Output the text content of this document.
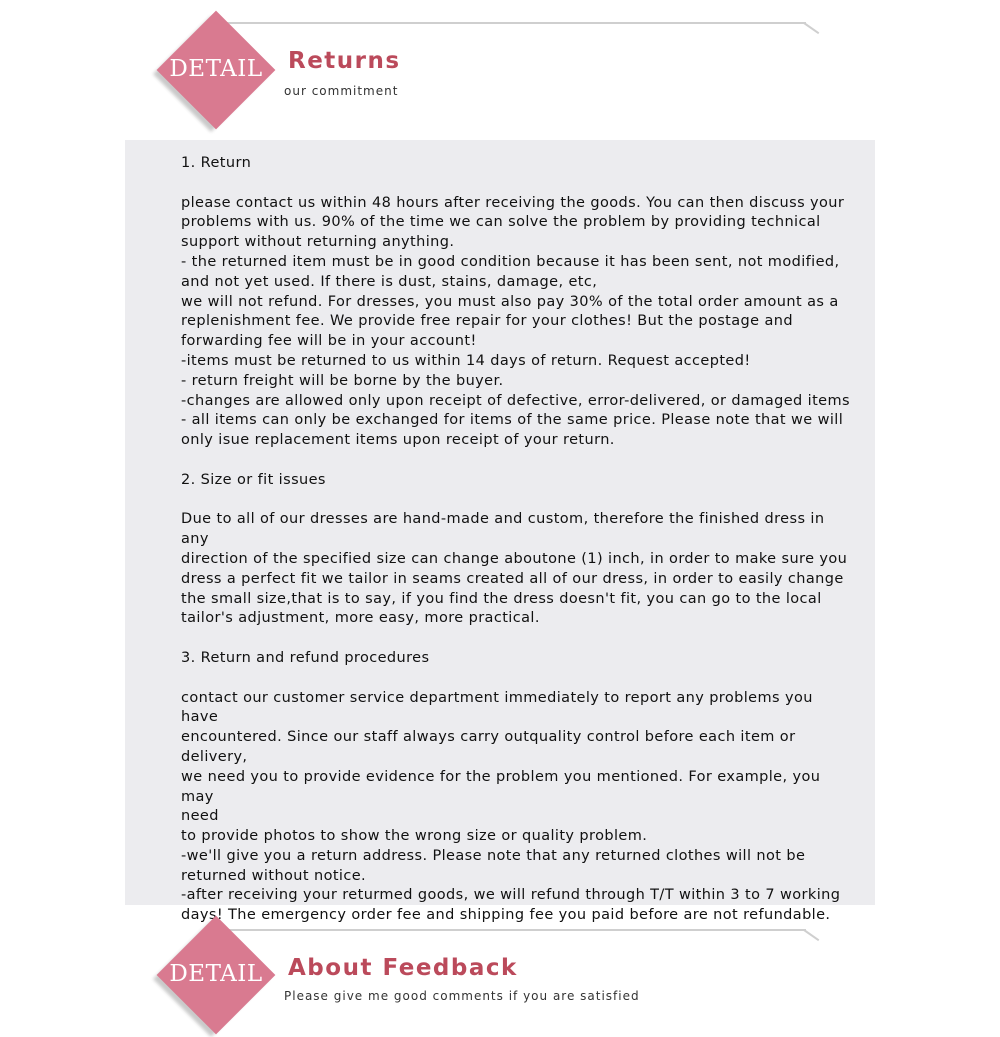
DETAIL	Returns
our commitment

1. Return

please contact us within 48 hours after receiving the goods. You can then discuss your
problems with us. 90% of the time we can solve the problem by providing technical
support without returning anything.
- the returned item must be in good condition because it has been sent, not modified,
and not yet used. If there is dust, stains, damage, etc,
we will not refund. For dresses, you must also pay 30% of the total order amount as a
replenishment fee. We provide free repair for your clothes! But the postage and
forwarding fee will be in your account!
-items must be returned to us within 14 days of return. Request accepted!
- return freight will be borne by the buyer.
-changes are allowed only upon receipt of defective, error-delivered, or damaged items
- all items can only be exchanged for items of the same price. Please note that we will
only isue replacement items upon receipt of your return.

2. Size or fit issues

Due to all of our dresses are hand-made and custom, therefore the finished dress in any
direction of the specified size can change aboutone (1) inch, in order to make sure you
dress a perfect fit we tailor in seams created all of our dress, in order to easily change
the small size,that is to say, if you find the dress doesn't fit, you can go to the local
tailor's adjustment, more easy, more practical.

3. Return and refund procedures

contact our customer service department immediately to report any problems you have
encountered. Since our staff always carry outquality control before each item or delivery,
we need you to provide evidence for the problem you mentioned. For example, you may
need
to provide photos to show the wrong size or quality problem.
-we'll give you a return address. Please note that any returned clothes will not be
returned without notice.
-after receiving your returmed goods, we will refund through T/T within 3 to 7 working
days! The emergency order fee and shipping fee you paid before are not refundable.

DETAIL	About Feedback
Please give me good comments if you are satisfied
